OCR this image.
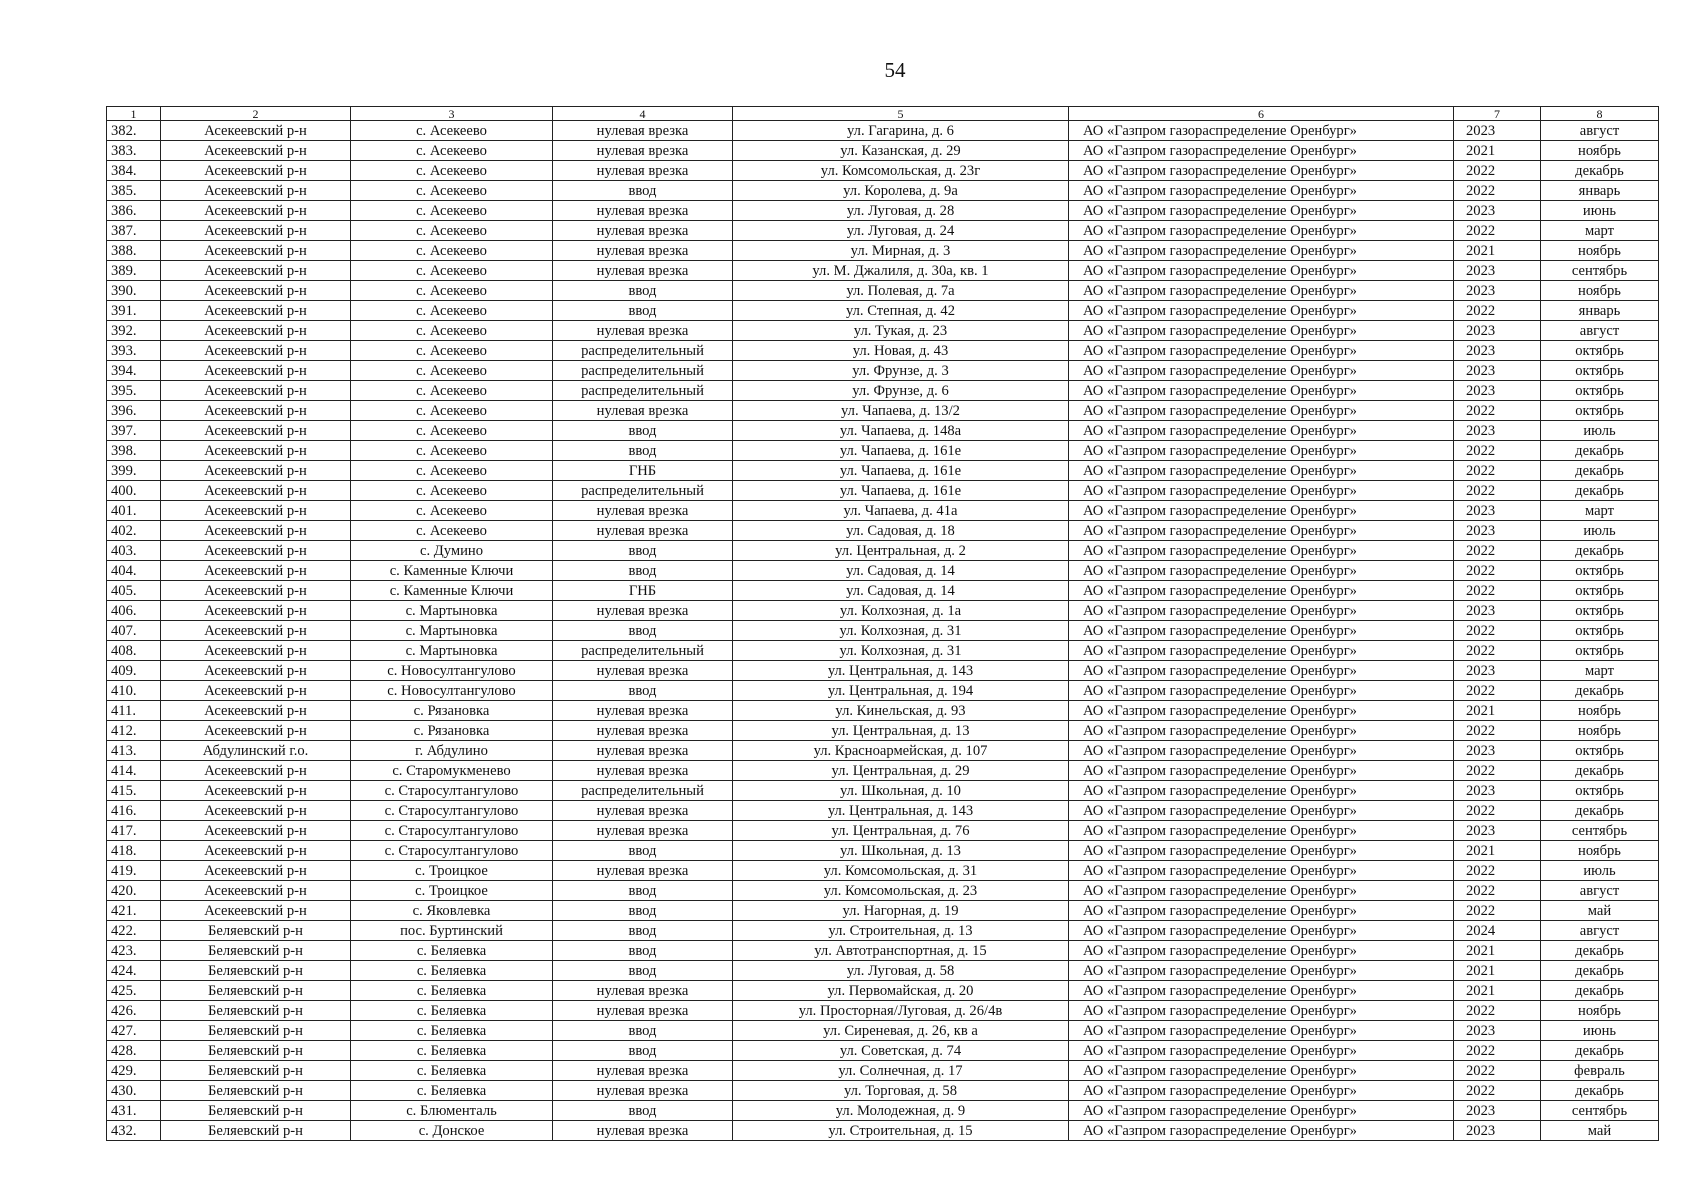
54
1	2	3	4	5	6	7	8
382.	Асекеевский р-н	с. Асекеево	нулевая врезка	ул. Гагарина, д. 6	АО «Газпром газораспределение Оренбург»	2023	август
383.	Асекеевский р-н	с. Асекеево	нулевая врезка	ул. Казанская, д. 29	АО «Газпром газораспределение Оренбург»	2021	ноябрь
384.	Асекеевский р-н	с. Асекеево	нулевая врезка	ул. Комсомольская, д. 23г	АО «Газпром газораспределение Оренбург»	2022	декабрь
385.	Асекеевский р-н	с. Асекеево	ввод	ул. Королева, д. 9а	АО «Газпром газораспределение Оренбург»	2022	январь
386.	Асекеевский р-н	с. Асекеево	нулевая врезка	ул. Луговая, д. 28	АО «Газпром газораспределение Оренбург»	2023	июнь
387.	Асекеевский р-н	с. Асекеево	нулевая врезка	ул. Луговая, д. 24	АО «Газпром газораспределение Оренбург»	2022	март
388.	Асекеевский р-н	с. Асекеево	нулевая врезка	ул. Мирная, д. 3	АО «Газпром газораспределение Оренбург»	2021	ноябрь
389.	Асекеевский р-н	с. Асекеево	нулевая врезка	ул. М. Джалиля, д. 30а, кв. 1	АО «Газпром газораспределение Оренбург»	2023	сентябрь
390.	Асекеевский р-н	с. Асекеево	ввод	ул. Полевая, д. 7а	АО «Газпром газораспределение Оренбург»	2023	ноябрь
391.	Асекеевский р-н	с. Асекеево	ввод	ул. Степная, д. 42	АО «Газпром газораспределение Оренбург»	2022	январь
392.	Асекеевский р-н	с. Асекеево	нулевая врезка	ул. Тукая, д. 23	АО «Газпром газораспределение Оренбург»	2023	август
393.	Асекеевский р-н	с. Асекеево	распределительный	ул. Новая, д. 43	АО «Газпром газораспределение Оренбург»	2023	октябрь
394.	Асекеевский р-н	с. Асекеево	распределительный	ул. Фрунзе, д. 3	АО «Газпром газораспределение Оренбург»	2023	октябрь
395.	Асекеевский р-н	с. Асекеево	распределительный	ул. Фрунзе, д. 6	АО «Газпром газораспределение Оренбург»	2023	октябрь
396.	Асекеевский р-н	с. Асекеево	нулевая врезка	ул. Чапаева, д. 13/2	АО «Газпром газораспределение Оренбург»	2022	октябрь
397.	Асекеевский р-н	с. Асекеево	ввод	ул. Чапаева, д. 148а	АО «Газпром газораспределение Оренбург»	2023	июль
398.	Асекеевский р-н	с. Асекеево	ввод	ул. Чапаева, д. 161е	АО «Газпром газораспределение Оренбург»	2022	декабрь
399.	Асекеевский р-н	с. Асекеево	ГНБ	ул. Чапаева, д. 161е	АО «Газпром газораспределение Оренбург»	2022	декабрь
400.	Асекеевский р-н	с. Асекеево	распределительный	ул. Чапаева, д. 161е	АО «Газпром газораспределение Оренбург»	2022	декабрь
401.	Асекеевский р-н	с. Асекеево	нулевая врезка	ул. Чапаева, д. 41а	АО «Газпром газораспределение Оренбург»	2023	март
402.	Асекеевский р-н	с. Асекеево	нулевая врезка	ул. Садовая, д. 18	АО «Газпром газораспределение Оренбург»	2023	июль
403.	Асекеевский р-н	с. Думино	ввод	ул. Центральная, д. 2	АО «Газпром газораспределение Оренбург»	2022	декабрь
404.	Асекеевский р-н	с. Каменные Ключи	ввод	ул. Садовая, д. 14	АО «Газпром газораспределение Оренбург»	2022	октябрь
405.	Асекеевский р-н	с. Каменные Ключи	ГНБ	ул. Садовая, д. 14	АО «Газпром газораспределение Оренбург»	2022	октябрь
406.	Асекеевский р-н	с. Мартыновка	нулевая врезка	ул. Колхозная, д. 1а	АО «Газпром газораспределение Оренбург»	2023	октябрь
407.	Асекеевский р-н	с. Мартыновка	ввод	ул. Колхозная, д. 31	АО «Газпром газораспределение Оренбург»	2022	октябрь
408.	Асекеевский р-н	с. Мартыновка	распределительный	ул. Колхозная, д. 31	АО «Газпром газораспределение Оренбург»	2022	октябрь
409.	Асекеевский р-н	с. Новосултангулово	нулевая врезка	ул. Центральная, д. 143	АО «Газпром газораспределение Оренбург»	2023	март
410.	Асекеевский р-н	с. Новосултангулово	ввод	ул. Центральная, д. 194	АО «Газпром газораспределение Оренбург»	2022	декабрь
411.	Асекеевский р-н	с. Рязановка	нулевая врезка	ул. Кинельская, д. 93	АО «Газпром газораспределение Оренбург»	2021	ноябрь
412.	Асекеевский р-н	с. Рязановка	нулевая врезка	ул. Центральная, д. 13	АО «Газпром газораспределение Оренбург»	2022	ноябрь
413.	Абдулинский г.о.	г. Абдулино	нулевая врезка	ул. Красноармейская, д. 107	АО «Газпром газораспределение Оренбург»	2023	октябрь
414.	Асекеевский р-н	с. Старомукменево	нулевая врезка	ул. Центральная, д. 29	АО «Газпром газораспределение Оренбург»	2022	декабрь
415.	Асекеевский р-н	с. Старосултангулово	распределительный	ул. Школьная, д. 10	АО «Газпром газораспределение Оренбург»	2023	октябрь
416.	Асекеевский р-н	с. Старосултангулово	нулевая врезка	ул. Центральная, д. 143	АО «Газпром газораспределение Оренбург»	2022	декабрь
417.	Асекеевский р-н	с. Старосултангулово	нулевая врезка	ул. Центральная, д. 76	АО «Газпром газораспределение Оренбург»	2023	сентябрь
418.	Асекеевский р-н	с. Старосултангулово	ввод	ул. Школьная, д. 13	АО «Газпром газораспределение Оренбург»	2021	ноябрь
419.	Асекеевский р-н	с. Троицкое	нулевая врезка	ул. Комсомольская, д. 31	АО «Газпром газораспределение Оренбург»	2022	июль
420.	Асекеевский р-н	с. Троицкое	ввод	ул. Комсомольская, д. 23	АО «Газпром газораспределение Оренбург»	2022	август
421.	Асекеевский р-н	с. Яковлевка	ввод	ул. Нагорная, д. 19	АО «Газпром газораспределение Оренбург»	2022	май
422.	Беляевский р-н	пос. Буртинский	ввод	ул. Строительная, д. 13	АО «Газпром газораспределение Оренбург»	2024	август
423.	Беляевский р-н	с. Беляевка	ввод	ул. Автотранспортная, д. 15	АО «Газпром газораспределение Оренбург»	2021	декабрь
424.	Беляевский р-н	с. Беляевка	ввод	ул. Луговая, д. 58	АО «Газпром газораспределение Оренбург»	2021	декабрь
425.	Беляевский р-н	с. Беляевка	нулевая врезка	ул. Первомайская, д. 20	АО «Газпром газораспределение Оренбург»	2021	декабрь
426.	Беляевский р-н	с. Беляевка	нулевая врезка	ул. Просторная/Луговая, д. 26/4в	АО «Газпром газораспределение Оренбург»	2022	ноябрь
427.	Беляевский р-н	с. Беляевка	ввод	ул. Сиреневая, д. 26, кв а	АО «Газпром газораспределение Оренбург»	2023	июнь
428.	Беляевский р-н	с. Беляевка	ввод	ул. Советская, д. 74	АО «Газпром газораспределение Оренбург»	2022	декабрь
429.	Беляевский р-н	с. Беляевка	нулевая врезка	ул. Солнечная, д. 17	АО «Газпром газораспределение Оренбург»	2022	февраль
430.	Беляевский р-н	с. Беляевка	нулевая врезка	ул. Торговая, д. 58	АО «Газпром газораспределение Оренбург»	2022	декабрь
431.	Беляевский р-н	с. Блюменталь	ввод	ул. Молодежная, д. 9	АО «Газпром газораспределение Оренбург»	2023	сентябрь
432.	Беляевский р-н	с. Донское	нулевая врезка	ул. Строительная, д. 15	АО «Газпром газораспределение Оренбург»	2023	май
